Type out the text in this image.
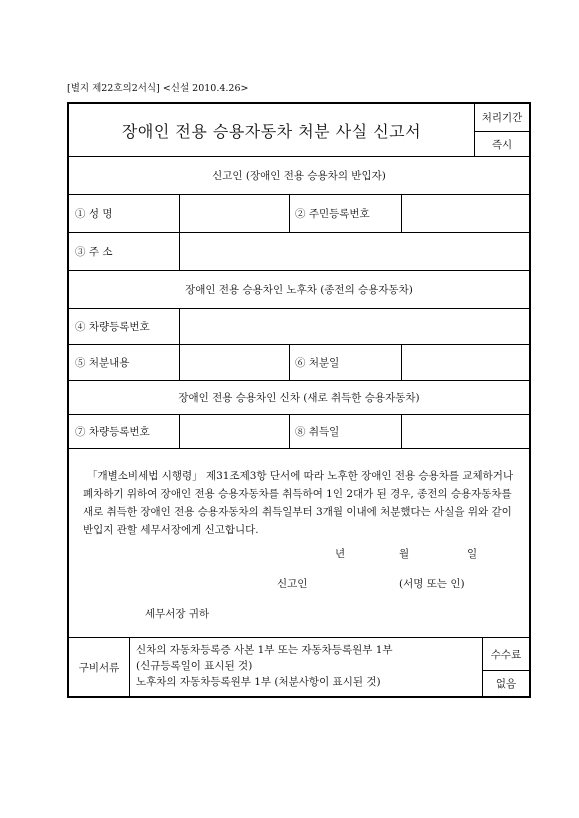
[별지 제22호의2서식] <신설 2010.4.26>
장애인 전용 승용자동차 처분 사실 신고서
처리기간
즉시
신고인 (장애인 전용 승용차의 반입자)
① 성 명	② 주민등록번호
③ 주 소
장애인 전용 승용차인 노후차 (종전의 승용자동차)
④ 차량등록번호
⑤ 처분내용	⑥ 처분일
장애인 전용 승용차인 신차 (새로 취득한 승용자동차)
⑦ 차량등록번호	⑧ 취득일
「개별소비세법 시행령」 제31조제3항 단서에 따라 노후한 장애인 전용 승용차를 교체하거나 폐차하기 위하여 장애인 전용 승용자동차를 취득하여 1인 2대가 된 경우, 종전의 승용자동차를 새로 취득한 장애인 전용 승용자동차의 취득일부터 3개월 이내에 처분했다는 사실을 위와 같이 반입지 관할 세무서장에게 신고합니다.
년	월	일
신고인	(서명 또는 인)
세무서장 귀하
구비서류
신차의 자동차등록증 사본 1부 또는 자동차등록원부 1부
(신규등록일이 표시된 것)
노후차의 자동차등록원부 1부 (처분사항이 표시된 것)
수수료
없음
